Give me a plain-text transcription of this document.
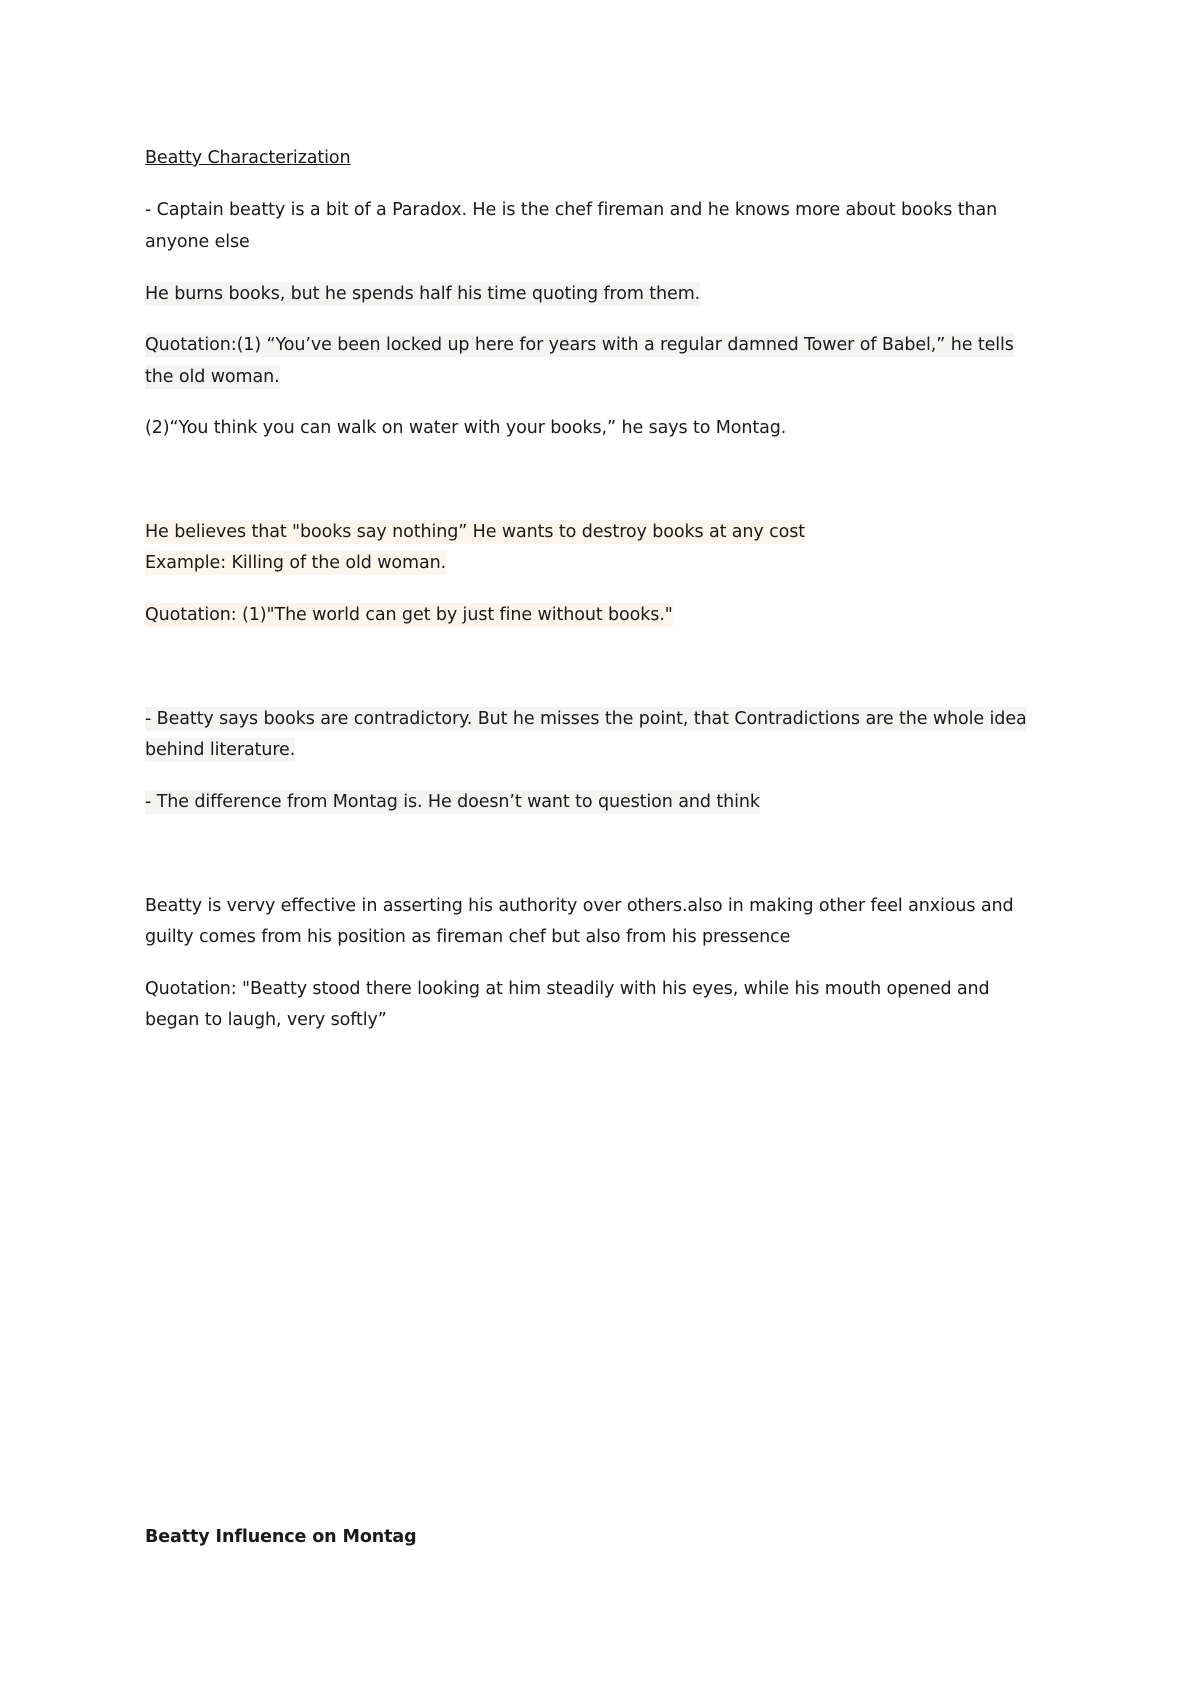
Beatty Characterization
- Captain beatty is a bit of a Paradox. He is the chef fireman and he knows more about books than
anyone else
He burns books, but he spends half his time quoting from them.
Quotation:(1) “You’ve been locked up here for years with a regular damned Tower of Babel,” he tells
the old woman.
(2)“You think you can walk on water with your books,” he says to Montag.
He believes that "books say nothing” He wants to destroy books at any cost
Example: Killing of the old woman.
Quotation: (1)"The world can get by just fine without books."
- Beatty says books are contradictory. But he misses the point, that Contradictions are the whole idea
behind literature.
- The difference from Montag is. He doesn’t want to question and think
Beatty is vervy effective in asserting his authority over others.also in making other feel anxious and
guilty comes from his position as fireman chef but also from his pressence
Quotation: "Beatty stood there looking at him steadily with his eyes, while his mouth opened and
began to laugh, very softly”
Beatty Influence on Montag
